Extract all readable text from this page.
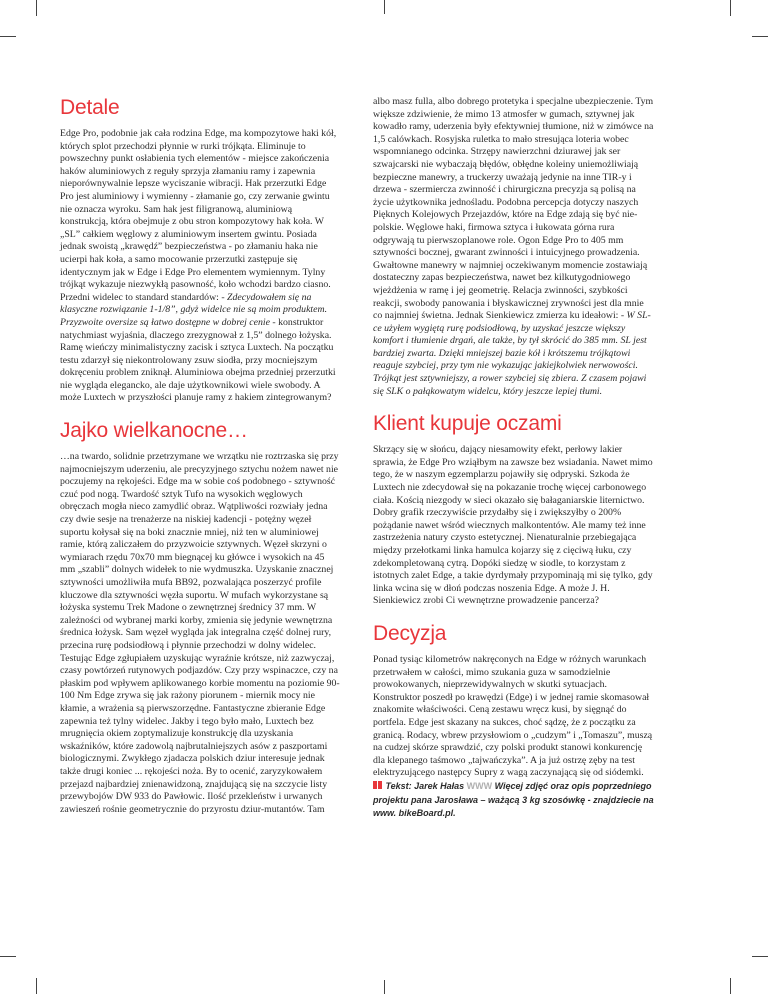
Detale

Edge Pro, podobnie jak cała rodzina Edge, ma kompozytowe haki kół, których splot przechodzi płynnie w rurki trójkąta. Eliminuje to powszechny punkt osłabienia tych elementów - miejsce zakończenia haków aluminiowych z reguły sprzyja złamaniu ramy i zapewnia nieporównywalnie lepsze wyciszanie wibracji. Hak przerzutki Edge Pro jest aluminiowy i wymienny - złamanie go, czy zerwanie gwintu nie oznacza wyroku. Sam hak jest filigranową, aluminiową konstrukcją, która obejmuje z obu stron kompozytowy hak koła. W „SL” całkiem węglowy z aluminiowym insertem gwintu. Posiada jednak swoistą „krawędź” bezpieczeństwa - po złamaniu haka nie ucierpi hak koła, a samo mocowanie przerzutki zastępuje się identycznym jak w Edge i Edge Pro elementem wymiennym. Tylny trójkąt wykazuje niezwykłą pasowność, koło wchodzi bardzo ciasno. Przedni widelec to standard standardów: - Zdecydowałem się na klasyczne rozwiązanie 1-1/8”, gdyż widelce nie są moim produktem. Przyzwoite oversize są łatwo dostępne w dobrej cenie - konstruktor natychmiast wyjaśnia, dlaczego zrezygnował z 1,5” dolnego łożyska. Ramę wieńczy minimalistyczny zacisk i sztyca Luxtech. Na początku testu zdarzył się niekontrolowany zsuw siodła, przy mocniejszym dokręceniu problem zniknął. Aluminiowa obejma przedniej przerzutki nie wygląda elegancko, ale daje użytkownikowi wiele swobody. A może Luxtech w przyszłości planuje ramy z hakiem zintegrowanym?

Jajko wielkanocne…

…na twardo, solidnie przetrzymane we wrzątku nie roztrzaska się przy najmocniejszym uderzeniu, ale precyzyjnego sztychu nożem nawet nie poczujemy na rękojeści. Edge ma w sobie coś podobnego - sztywność czuć pod nogą. Twardość sztyk Tufo na wysokich węglowych obręczach mogła nieco zamydlić obraz. Wątpliwości rozwiały jedna czy dwie sesje na trenażerze na niskiej kadencji - potężny węzeł suportu kołysał się na boki znacznie mniej, niż ten w aluminiowej ramie, którą zaliczałem do przyzwoicie sztywnych. Węzeł skrzyni o wymiarach rzędu 70x70 mm biegnącej ku główce i wysokich na 45 mm „szabli” dolnych widełek to nie wydmuszka. Uzyskanie znacznej sztywności umożliwiła mufa BB92, pozwalająca poszerzyć profile kluczowe dla sztywności węzła suportu. W mufach wykorzystane są łożyska systemu Trek Madone o zewnętrznej średnicy 37 mm. W zależności od wybranej marki korby, zmienia się jedynie wewnętrzna średnica łożysk. Sam węzeł wygląda jak integralna część dolnej rury, przecina rurę podsiodłową i płynnie przechodzi w dolny widelec. Testując Edge zgłupiałem uzyskując wyraźnie krótsze, niż zazwyczaj, czasy powtórzeń rutynowych podjazdów. Czy przy wspinaczce, czy na płaskim pod wpływem aplikowanego korbie momentu na poziomie 90-100 Nm Edge zrywa się jak rażony piorunem - miernik mocy nie kłamie, a wrażenia są pierwszorzędne. Fantastyczne zbieranie Edge zapewnia też tylny widelec. Jakby i tego było mało, Luxtech bez mrugnięcia okiem zoptymalizuje konstrukcję dla uzyskania wskaźników, które zadowolą najbrutalniejszych asów z paszportami biologicznymi. Zwykłego zjadacza polskich dziur interesuje jednak także drugi koniec ... rękojeści noża. By to ocenić, zaryzykowałem przejazd najbardziej znienawidzoną, znajdującą się na szczycie listy przewybojów DW 933 do Pawłowic. Ilość przekleństw i urwanych zawieszeń rośnie geometrycznie do przyrostu dziur-mutantów. Tam

albo masz fulla, albo dobrego protetyka i specjalne ubezpieczenie. Tym większe zdziwienie, że mimo 13 atmosfer w gumach, sztywnej jak kowadło ramy, uderzenia były efektywniej tłumione, niż w zimówce na 1,5 calówkach. Rosyjska ruletka to mało stresująca loteria wobec wspomnianego odcinka. Strzępy nawierzchni dziurawej jak ser szwajcarski nie wybaczają błędów, obłędne koleiny uniemożliwiają bezpieczne manewry, a truckerzy uważają jedynie na inne TIR-y i drzewa - szermiercza zwinność i chirurgiczna precyzja są polisą na życie użytkownika jednośladu. Podobna percepcja dotyczy naszych Pięknych Kolejowych Przejazdów, które na Edge zdają się być nie-polskie. Węglowe haki, firmowa sztyca i łukowata górna rura odgrywają tu pierwszoplanowe role. Ogon Edge Pro to 405 mm sztywności bocznej, gwarant zwinności i intuicyjnego prowadzenia. Gwałtowne manewry w najmniej oczekiwanym momencie zostawiają dostateczny zapas bezpieczeństwa, nawet bez kilkutygodniowego wjeżdżenia w ramę i jej geometrię. Relacja zwinności, szybkości reakcji, swobody panowania i błyskawicznej zrywności jest dla mnie co najmniej świetna. Jednak Sienkiewicz zmierza ku ideałowi: - W SL-ce użyłem wygiętą rurę podsiodłową, by uzyskać jeszcze większy komfort i tłumienie drgań, ale także, by tył skrócić do 385 mm. SL jest bardziej zwarta. Dzięki mniejszej bazie kół i krótszemu trójkątowi reaguje szybciej, przy tym nie wykazując jakiejkolwiek nerwowości. Trójkąt jest sztywniejszy, a rower szybciej się zbiera. Z czasem pojawi się SLK o pałąkowatym widelcu, który jeszcze lepiej tłumi.

Klient kupuje oczami

Skrzący się w słońcu, dający niesamowity efekt, perłowy lakier sprawia, że Edge Pro wziąłbym na zawsze bez wsiadania. Nawet mimo tego, że w naszym egzemplarzu pojawiły się odpryski. Szkoda że Luxtech nie zdecydował się na pokazanie trochę więcej carbonowego ciała. Kością niezgody w sieci okazało się bałaganiarskie liternictwo. Dobry grafik rzeczywiście przydałby się i zwiększyłby o 200% pożądanie nawet wśród wiecznych malkontentów. Ale mamy też inne zastrzeżenia natury czysto estetycznej. Nienaturalnie przebiegająca między przełotkami linka hamulca kojarzy się z cięciwą łuku, czy zdekompletowaną cytrą. Dopóki siedzę w siodle, to korzystam z istotnych zalet Edge, a takie dyrdymały przypominają mi się tylko, gdy linka wcina się w dłoń podczas noszenia Edge. A może J. H. Sienkiewicz zrobi Ci wewnętrzne prowadzenie pancerza?

Decyzja

Ponad tysiąc kilometrów nakręconych na Edge w różnych warunkach przetrwałem w całości, mimo szukania guza w samodzielnie prowokowanych, nieprzewidywalnych w skutki sytuacjach. Konstruktor poszedł po krawędzi (Edge) i w jednej ramie skomasował znakomite właściwości. Ceną zestawu wręcz kusi, by sięgnąć do portfela. Edge jest skazany na sukces, choć sądzę, że z początku za granicą. Rodacy, wbrew przysłowiom o „cudzym” i „Tomaszu”, muszą na cudzej skórze sprawdzić, czy polski produkt stanowi konkurencję dla klepanego taśmowo „tajwańczyka”. A ja już ostrzę zęby na test elektryzującego następcy Supry z wagą zaczynającą się od siódemki.  Tekst: Jarek Hałas WWW Więcej zdjęć oraz opis poprzedniego projektu pana Jarosława – ważącą 3 kg szosówkę - znajdziecie na www. bikeBoard.pl.
